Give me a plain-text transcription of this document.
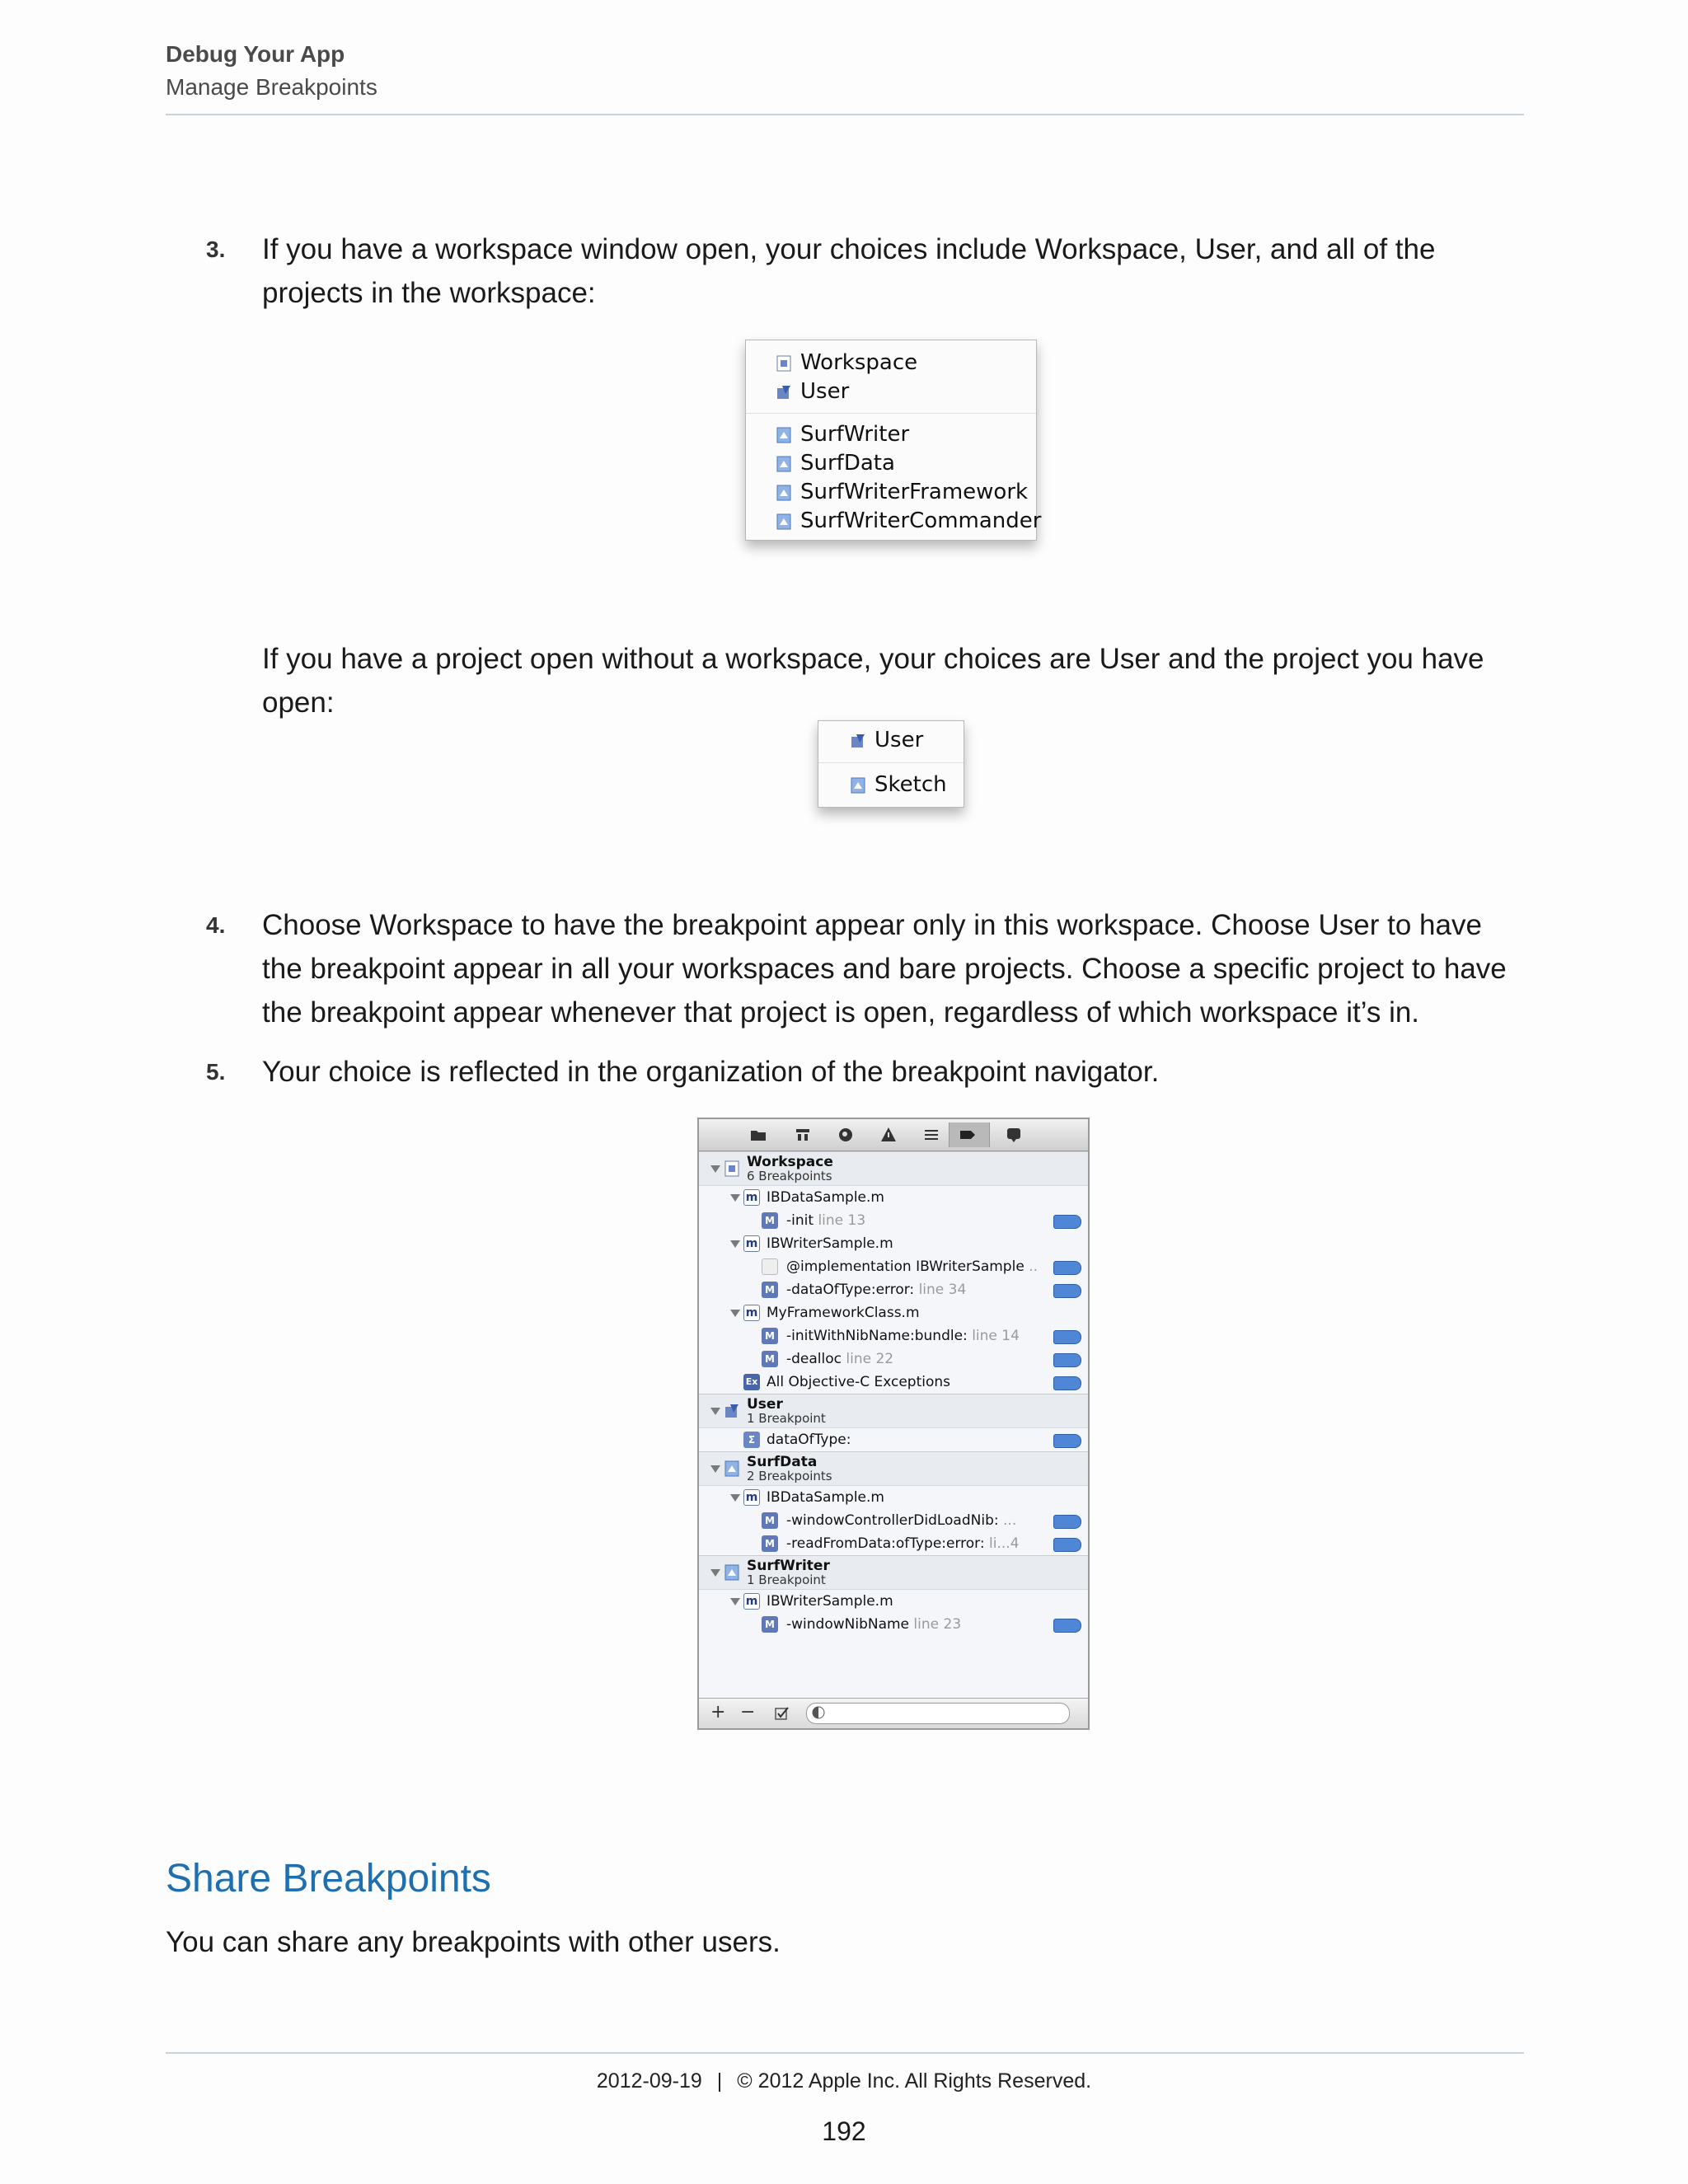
Debug Your App
Manage Breakpoints
3. If you have a workspace window open, your choices include Workspace, User, and all of the projects in the workspace:
Workspace
User
SurfWriter
SurfData
SurfWriterFramework
SurfWriterCommander
If you have a project open without a workspace, your choices are User and the project you have open:
User
Sketch
4. Choose Workspace to have the breakpoint appear only in this workspace. Choose User to have the breakpoint appear in all your workspaces and bare projects. Choose a specific project to have the breakpoint appear whenever that project is open, regardless of which workspace it’s in.
5. Your choice is reflected in the organization of the breakpoint navigator.
Workspace
6 Breakpoints
m IBDataSample.m
M -init line 13
m IBWriterSample.m
@implementation IBWriterSample ..
M -dataOfType:error: line 34
m MyFrameworkClass.m
M -initWithNibName:bundle: line 14
M -dealloc line 22
Ex All Objective-C Exceptions
User
1 Breakpoint
Σ dataOfType:
SurfData
2 Breakpoints
m IBDataSample.m
M -windowControllerDidLoadNib: ...
M -readFromData:ofType:error: li...4
SurfWriter
1 Breakpoint
m IBWriterSample.m
M -windowNibName line 23
+ −
Share Breakpoints
You can share any breakpoints with other users.
2012-09-19 | © 2012 Apple Inc. All Rights Reserved.
192
